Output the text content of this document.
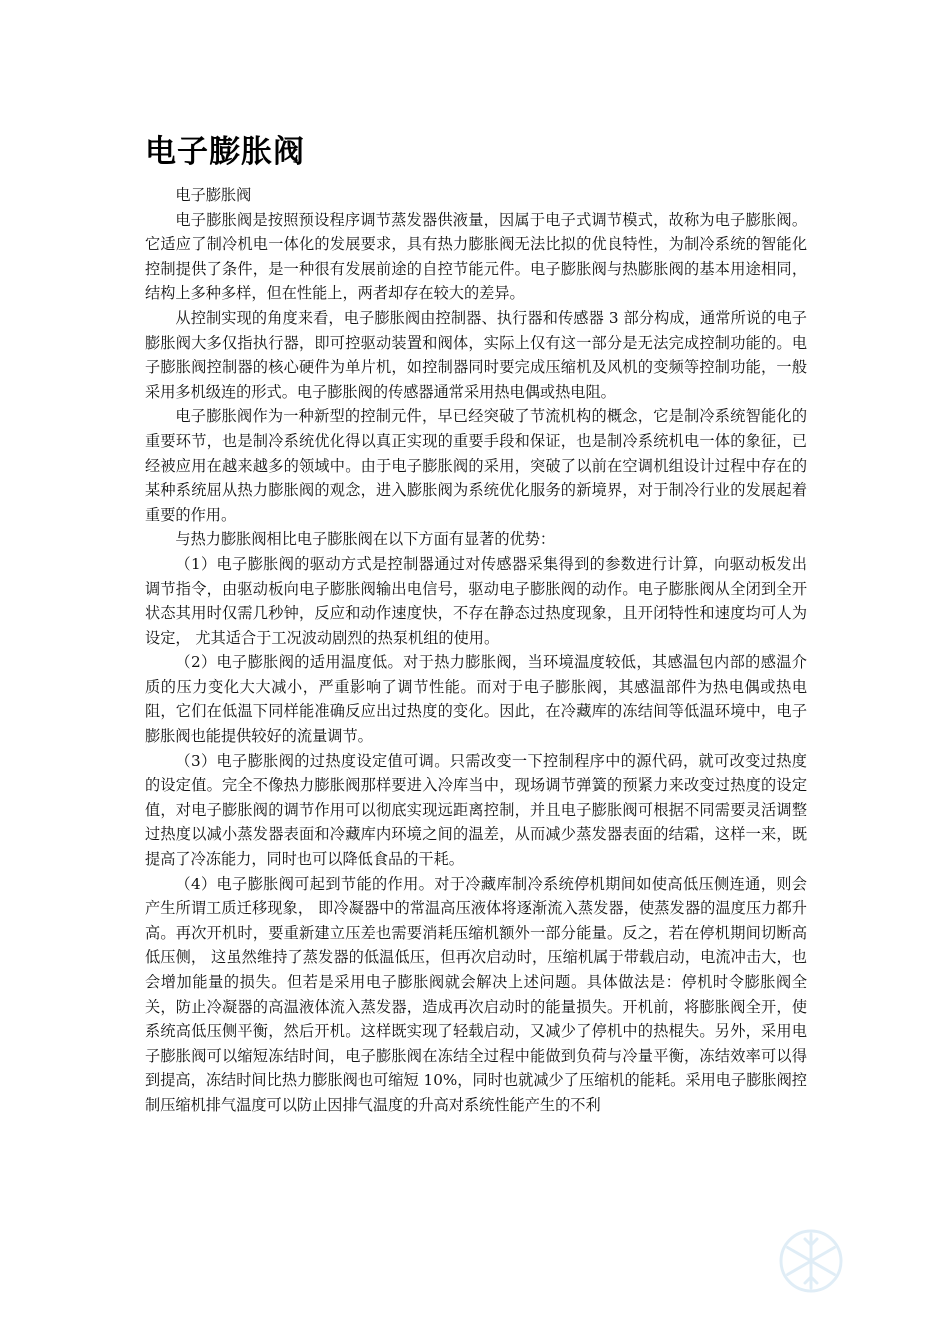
电子膨胀阀

电子膨胀阀

电子膨胀阀是按照预设程序调节蒸发器供液量，因属于电子式调节模式，故称为电子膨胀阀。它适应了制冷机电一体化的发展要求，具有热力膨胀阀无法比拟的优良特性，为制冷系统的智能化控制提供了条件，是一种很有发展前途的自控节能元件。电子膨胀阀与热膨胀阀的基本用途相同，结构上多种多样，但在性能上，两者却存在较大的差异。

从控制实现的角度来看，电子膨胀阀由控制器、执行器和传感器 3 部分构成，通常所说的电子膨胀阀大多仅指执行器，即可控驱动装置和阀体，实际上仅有这一部分是无法完成控制功能的。电子膨胀阀控制器的核心硬件为单片机，如控制器同时要完成压缩机及风机的变频等控制功能，一般采用多机级连的形式。电子膨胀阀的传感器通常采用热电偶或热电阻。

电子膨胀阀作为一种新型的控制元件，早已经突破了节流机构的概念，它是制冷系统智能化的重要环节，也是制冷系统优化得以真正实现的重要手段和保证，也是制冷系统机电一体的象征，已经被应用在越来越多的领域中。由于电子膨胀阀的采用，突破了以前在空调机组设计过程中存在的某种系统屈从热力膨胀阀的观念，进入膨胀阀为系统优化服务的新境界，对于制冷行业的发展起着重要的作用。

与热力膨胀阀相比电子膨胀阀在以下方面有显著的优势：

（1）电子膨胀阀的驱动方式是控制器通过对传感器采集得到的参数进行计算，向驱动板发出调节指令，由驱动板向电子膨胀阀输出电信号，驱动电子膨胀阀的动作。电子膨胀阀从全闭到全开状态其用时仅需几秒钟，反应和动作速度快，不存在静态过热度现象，且开闭特性和速度均可人为设定， 尤其适合于工况波动剧烈的热泵机组的使用。

（2）电子膨胀阀的适用温度低。对于热力膨胀阀，当环境温度较低，其感温包内部的感温介质的压力变化大大减小，严重影响了调节性能。而对于电子膨胀阀，其感温部件为热电偶或热电阻，它们在低温下同样能准确反应出过热度的变化。因此，在冷藏库的冻结间等低温环境中，电子膨胀阀也能提供较好的流量调节。

（3）电子膨胀阀的过热度设定值可调。只需改变一下控制程序中的源代码，就可改变过热度的设定值。完全不像热力膨胀阀那样要进入冷库当中，现场调节弹簧的预紧力来改变过热度的设定值，对电子膨胀阀的调节作用可以彻底实现远距离控制，并且电子膨胀阀可根据不同需要灵活调整过热度以减小蒸发器表面和冷藏库内环境之间的温差，从而减少蒸发器表面的结霜，这样一来，既提高了冷冻能力，同时也可以降低食品的干耗。

（4）电子膨胀阀可起到节能的作用。对于冷藏库制冷系统停机期间如使高低压侧连通，则会产生所谓工质迁移现象， 即冷凝器中的常温高压液体将逐渐流入蒸发器，使蒸发器的温度压力都升高。再次开机时，要重新建立压差也需要消耗压缩机额外一部分能量。反之，若在停机期间切断高低压侧， 这虽然维持了蒸发器的低温低压，但再次启动时，压缩机属于带载启动，电流冲击大，也会增加能量的损失。但若是采用电子膨胀阀就会解决上述问题。具体做法是：停机时令膨胀阀全关，防止冷凝器的高温液体流入蒸发器，造成再次启动时的能量损失。开机前，将膨胀阀全开，使系统高低压侧平衡，然后开机。这样既实现了轻载启动，又减少了停机中的热棍失。另外，采用电子膨胀阀可以缩短冻结时间，电子膨胀阀在冻结全过程中能做到负荷与冷量平衡，冻结效率可以得到提高，冻结时间比热力膨胀阀也可缩短 10%，同时也就减少了压缩机的能耗。采用电子膨胀阀控制压缩机排气温度可以防止因排气温度的升高对系统性能产生的不利
